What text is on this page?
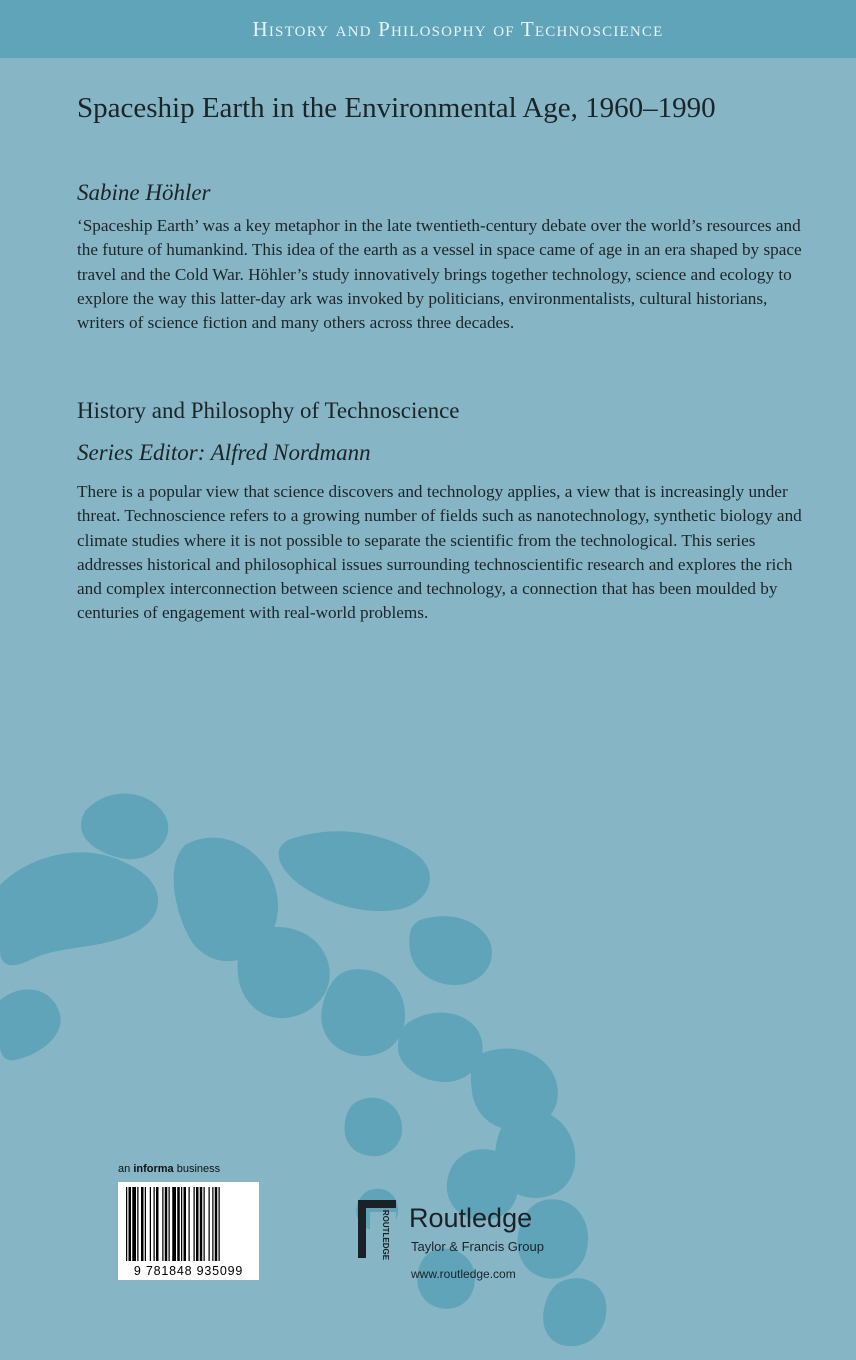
History and Philosophy of Technoscience
Spaceship Earth in the Environmental Age, 1960–1990
Sabine Höhler
‘Spaceship Earth’ was a key metaphor in the late twentieth-century debate over the world’s resources and the future of humankind. This idea of the earth as a vessel in space came of age in an era shaped by space travel and the Cold War. Höhler’s study innovatively brings together technology, science and ecology to explore the way this latter-day ark was invoked by politicians, environmentalists, cultural historians, writers of science fiction and many others across three decades.
History and Philosophy of Technoscience
Series Editor: Alfred Nordmann
There is a popular view that science discovers and technology applies, a view that is increasingly under threat. Technoscience refers to a growing number of fields such as nanotechnology, synthetic biology and climate studies where it is not possible to separate the scientific from the technological. This series addresses historical and philosophical issues surrounding technoscientific research and explores the rich and complex interconnection between science and technology, a connection that has been moulded by centuries of engagement with real-world problems.
an informa business
9 781848 935099
ROUTLEDGE Routledge
Taylor & Francis Group
www.routledge.com
